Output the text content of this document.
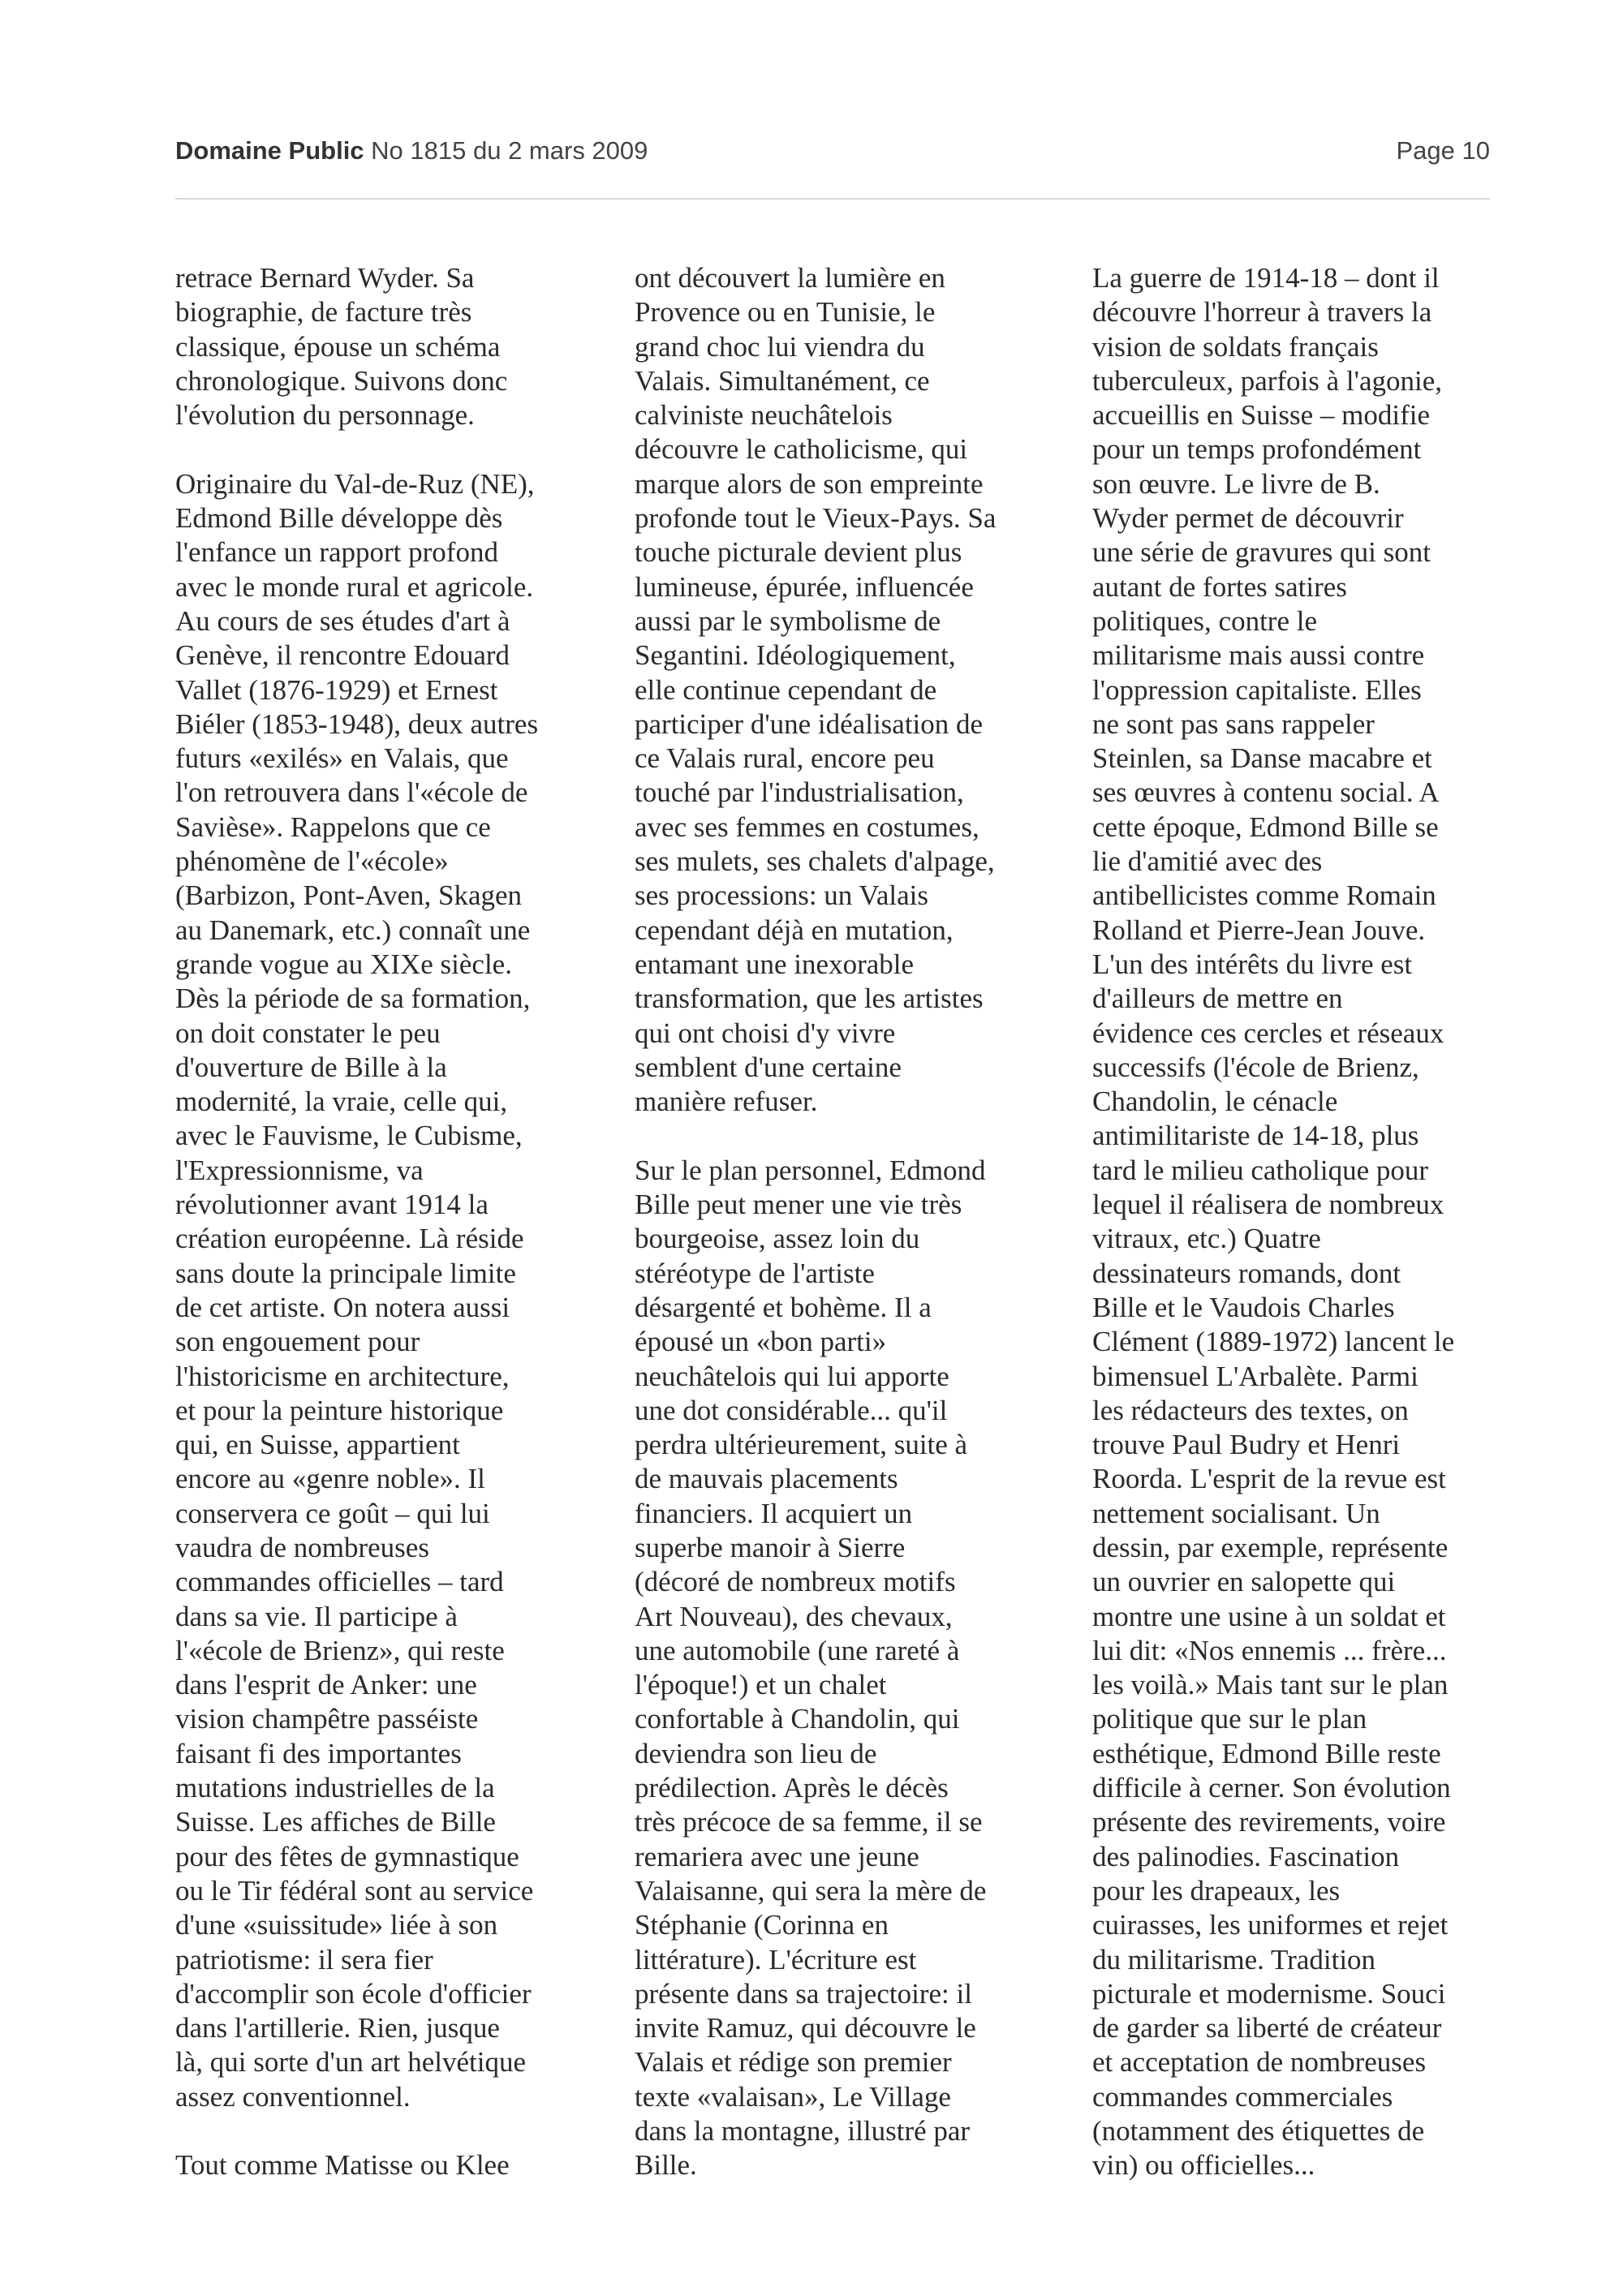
Domaine Public No 1815 du 2 mars 2009	Page 10

retrace Bernard Wyder. Sa
biographie, de facture très
classique, épouse un schéma
chronologique. Suivons donc
l'évolution du personnage.

Originaire du Val-de-Ruz (NE),
Edmond Bille développe dès
l'enfance un rapport profond
avec le monde rural et agricole.
Au cours de ses études d'art à
Genève, il rencontre Edouard
Vallet (1876-1929) et Ernest
Biéler (1853-1948), deux autres
futurs «exilés» en Valais, que
l'on retrouvera dans l'«école de
Savièse». Rappelons que ce
phénomène de l'«école»
(Barbizon, Pont-Aven, Skagen
au Danemark, etc.) connaît une
grande vogue au XIXe siècle.
Dès la période de sa formation,
on doit constater le peu
d'ouverture de Bille à la
modernité, la vraie, celle qui,
avec le Fauvisme, le Cubisme,
l'Expressionnisme, va
révolutionner avant 1914 la
création européenne. Là réside
sans doute la principale limite
de cet artiste. On notera aussi
son engouement pour
l'historicisme en architecture,
et pour la peinture historique
qui, en Suisse, appartient
encore au «genre noble». Il
conservera ce goût – qui lui
vaudra de nombreuses
commandes officielles – tard
dans sa vie. Il participe à
l'«école de Brienz», qui reste
dans l'esprit de Anker: une
vision champêtre passéiste
faisant fi des importantes
mutations industrielles de la
Suisse. Les affiches de Bille
pour des fêtes de gymnastique
ou le Tir fédéral sont au service
d'une «suissitude» liée à son
patriotisme: il sera fier
d'accomplir son école d'officier
dans l'artillerie. Rien, jusque
là, qui sorte d'un art helvétique
assez conventionnel.

Tout comme Matisse ou Klee

ont découvert la lumière en
Provence ou en Tunisie, le
grand choc lui viendra du
Valais. Simultanément, ce
calviniste neuchâtelois
découvre le catholicisme, qui
marque alors de son empreinte
profonde tout le Vieux-Pays. Sa
touche picturale devient plus
lumineuse, épurée, influencée
aussi par le symbolisme de
Segantini. Idéologiquement,
elle continue cependant de
participer d'une idéalisation de
ce Valais rural, encore peu
touché par l'industrialisation,
avec ses femmes en costumes,
ses mulets, ses chalets d'alpage,
ses processions: un Valais
cependant déjà en mutation,
entamant une inexorable
transformation, que les artistes
qui ont choisi d'y vivre
semblent d'une certaine
manière refuser.

Sur le plan personnel, Edmond
Bille peut mener une vie très
bourgeoise, assez loin du
stéréotype de l'artiste
désargenté et bohème. Il a
épousé un «bon parti»
neuchâtelois qui lui apporte
une dot considérable... qu'il
perdra ultérieurement, suite à
de mauvais placements
financiers. Il acquiert un
superbe manoir à Sierre
(décoré de nombreux motifs
Art Nouveau), des chevaux,
une automobile (une rareté à
l'époque!) et un chalet
confortable à Chandolin, qui
deviendra son lieu de
prédilection. Après le décès
très précoce de sa femme, il se
remariera avec une jeune
Valaisanne, qui sera la mère de
Stéphanie (Corinna en
littérature). L'écriture est
présente dans sa trajectoire: il
invite Ramuz, qui découvre le
Valais et rédige son premier
texte «valaisan», Le Village
dans la montagne, illustré par
Bille.

La guerre de 1914-18 – dont il
découvre l'horreur à travers la
vision de soldats français
tuberculeux, parfois à l'agonie,
accueillis en Suisse – modifie
pour un temps profondément
son œuvre. Le livre de B.
Wyder permet de découvrir
une série de gravures qui sont
autant de fortes satires
politiques, contre le
militarisme mais aussi contre
l'oppression capitaliste. Elles
ne sont pas sans rappeler
Steinlen, sa Danse macabre et
ses œuvres à contenu social. A
cette époque, Edmond Bille se
lie d'amitié avec des
antibellicistes comme Romain
Rolland et Pierre-Jean Jouve.
L'un des intérêts du livre est
d'ailleurs de mettre en
évidence ces cercles et réseaux
successifs (l'école de Brienz,
Chandolin, le cénacle
antimilitariste de 14-18, plus
tard le milieu catholique pour
lequel il réalisera de nombreux
vitraux, etc.) Quatre
dessinateurs romands, dont
Bille et le Vaudois Charles
Clément (1889-1972) lancent le
bimensuel L'Arbalète. Parmi
les rédacteurs des textes, on
trouve Paul Budry et Henri
Roorda. L'esprit de la revue est
nettement socialisant. Un
dessin, par exemple, représente
un ouvrier en salopette qui
montre une usine à un soldat et
lui dit: «Nos ennemis ... frère...
les voilà.» Mais tant sur le plan
politique que sur le plan
esthétique, Edmond Bille reste
difficile à cerner. Son évolution
présente des revirements, voire
des palinodies. Fascination
pour les drapeaux, les
cuirasses, les uniformes et rejet
du militarisme. Tradition
picturale et modernisme. Souci
de garder sa liberté de créateur
et acceptation de nombreuses
commandes commerciales
(notamment des étiquettes de
vin) ou officielles...
